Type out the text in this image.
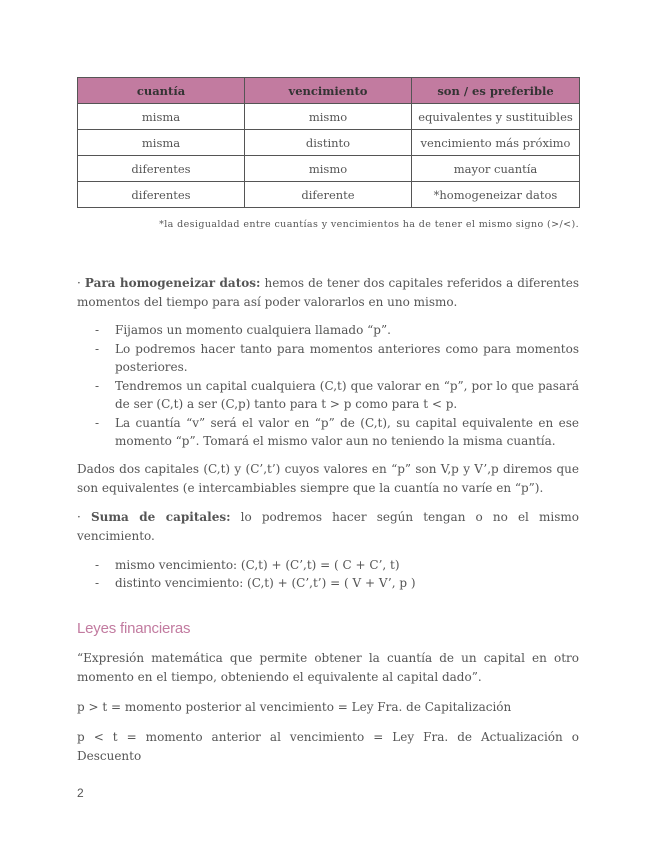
cuantía	vencimiento	son / es preferible
misma	mismo	equivalentes y sustituibles
misma	distinto	vencimiento más próximo
diferentes	mismo	mayor cuantía
diferentes	diferente	*homogeneizar datos
*la desigualdad entre cuantías y vencimientos ha de tener el mismo signo (>/<).

· Para homogeneizar datos: hemos de tener dos capitales referidos a diferentes momentos del tiempo para así poder valorarlos en uno mismo.

- Fijamos un momento cualquiera llamado “p”.
- Lo podremos hacer tanto para momentos anteriores como para momentos posteriores.
- Tendremos un capital cualquiera (C,t) que valorar en “p”, por lo que pasará de ser (C,t) a ser (C,p) tanto para t > p como para t < p.
- La cuantía “v” será el valor en “p” de (C,t), su capital equivalente en ese momento “p”. Tomará el mismo valor aun no teniendo la misma cuantía.

Dados dos capitales (C,t) y (C’,t’) cuyos valores en “p” son V,p y V’,p diremos que son equivalentes (e intercambiables siempre que la cuantía no varíe en “p”).

· Suma de capitales: lo podremos hacer según tengan o no el mismo vencimiento.

- mismo vencimiento: (C,t) + (C’,t) = ( C + C’, t)
- distinto vencimiento: (C,t) + (C’,t’) = ( V + V’, p )
Leyes financieras

“Expresión matemática que permite obtener la cuantía de un capital en otro momento en el tiempo, obteniendo el equivalente al capital dado”.

p > t = momento posterior al vencimiento = Ley Fra. de Capitalización

p < t = momento anterior al vencimiento = Ley Fra. de Actualización o Descuento

2
